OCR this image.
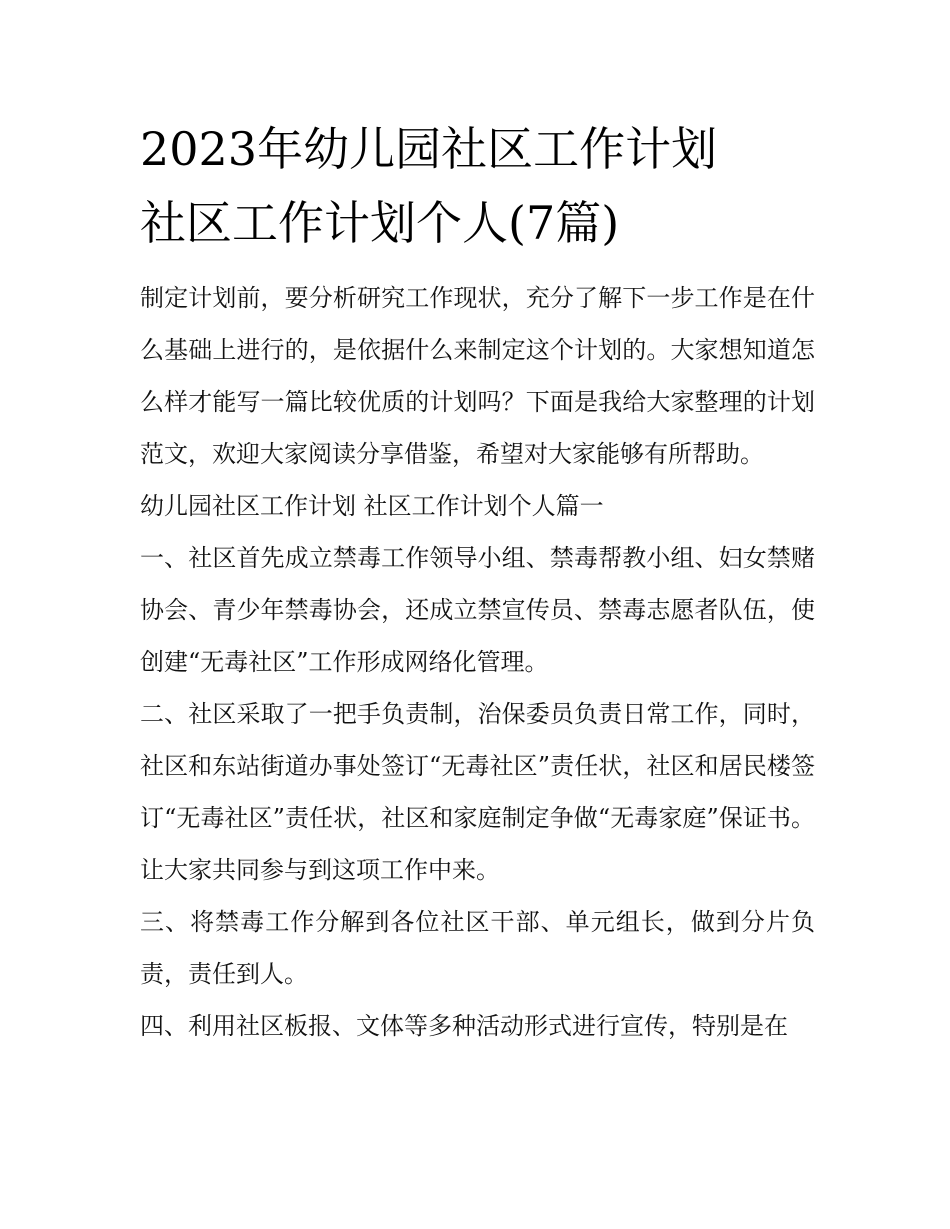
2023年幼儿园社区工作计划
社区工作计划个人(7篇)

制定计划前，要分析研究工作现状，充分了解下一步工作是在什么基础上进行的，是依据什么来制定这个计划的。大家想知道怎么样才能写一篇比较优质的计划吗？下面是我给大家整理的计划范文，欢迎大家阅读分享借鉴，希望对大家能够有所帮助。

幼儿园社区工作计划 社区工作计划个人篇一

一、社区首先成立禁毒工作领导小组、禁毒帮教小组、妇女禁赌协会、青少年禁毒协会，还成立禁宣传员、禁毒志愿者队伍，使创建“无毒社区”工作形成网络化管理。

二、社区采取了一把手负责制，治保委员负责日常工作，同时，社区和东站街道办事处签订“无毒社区”责任状，社区和居民楼签订“无毒社区”责任状，社区和家庭制定争做“无毒家庭”保证书。让大家共同参与到这项工作中来。

三、将禁毒工作分解到各位社区干部、单元组长，做到分片负责，责任到人。

四、利用社区板报、文体等多种活动形式进行宣传，特别是在
